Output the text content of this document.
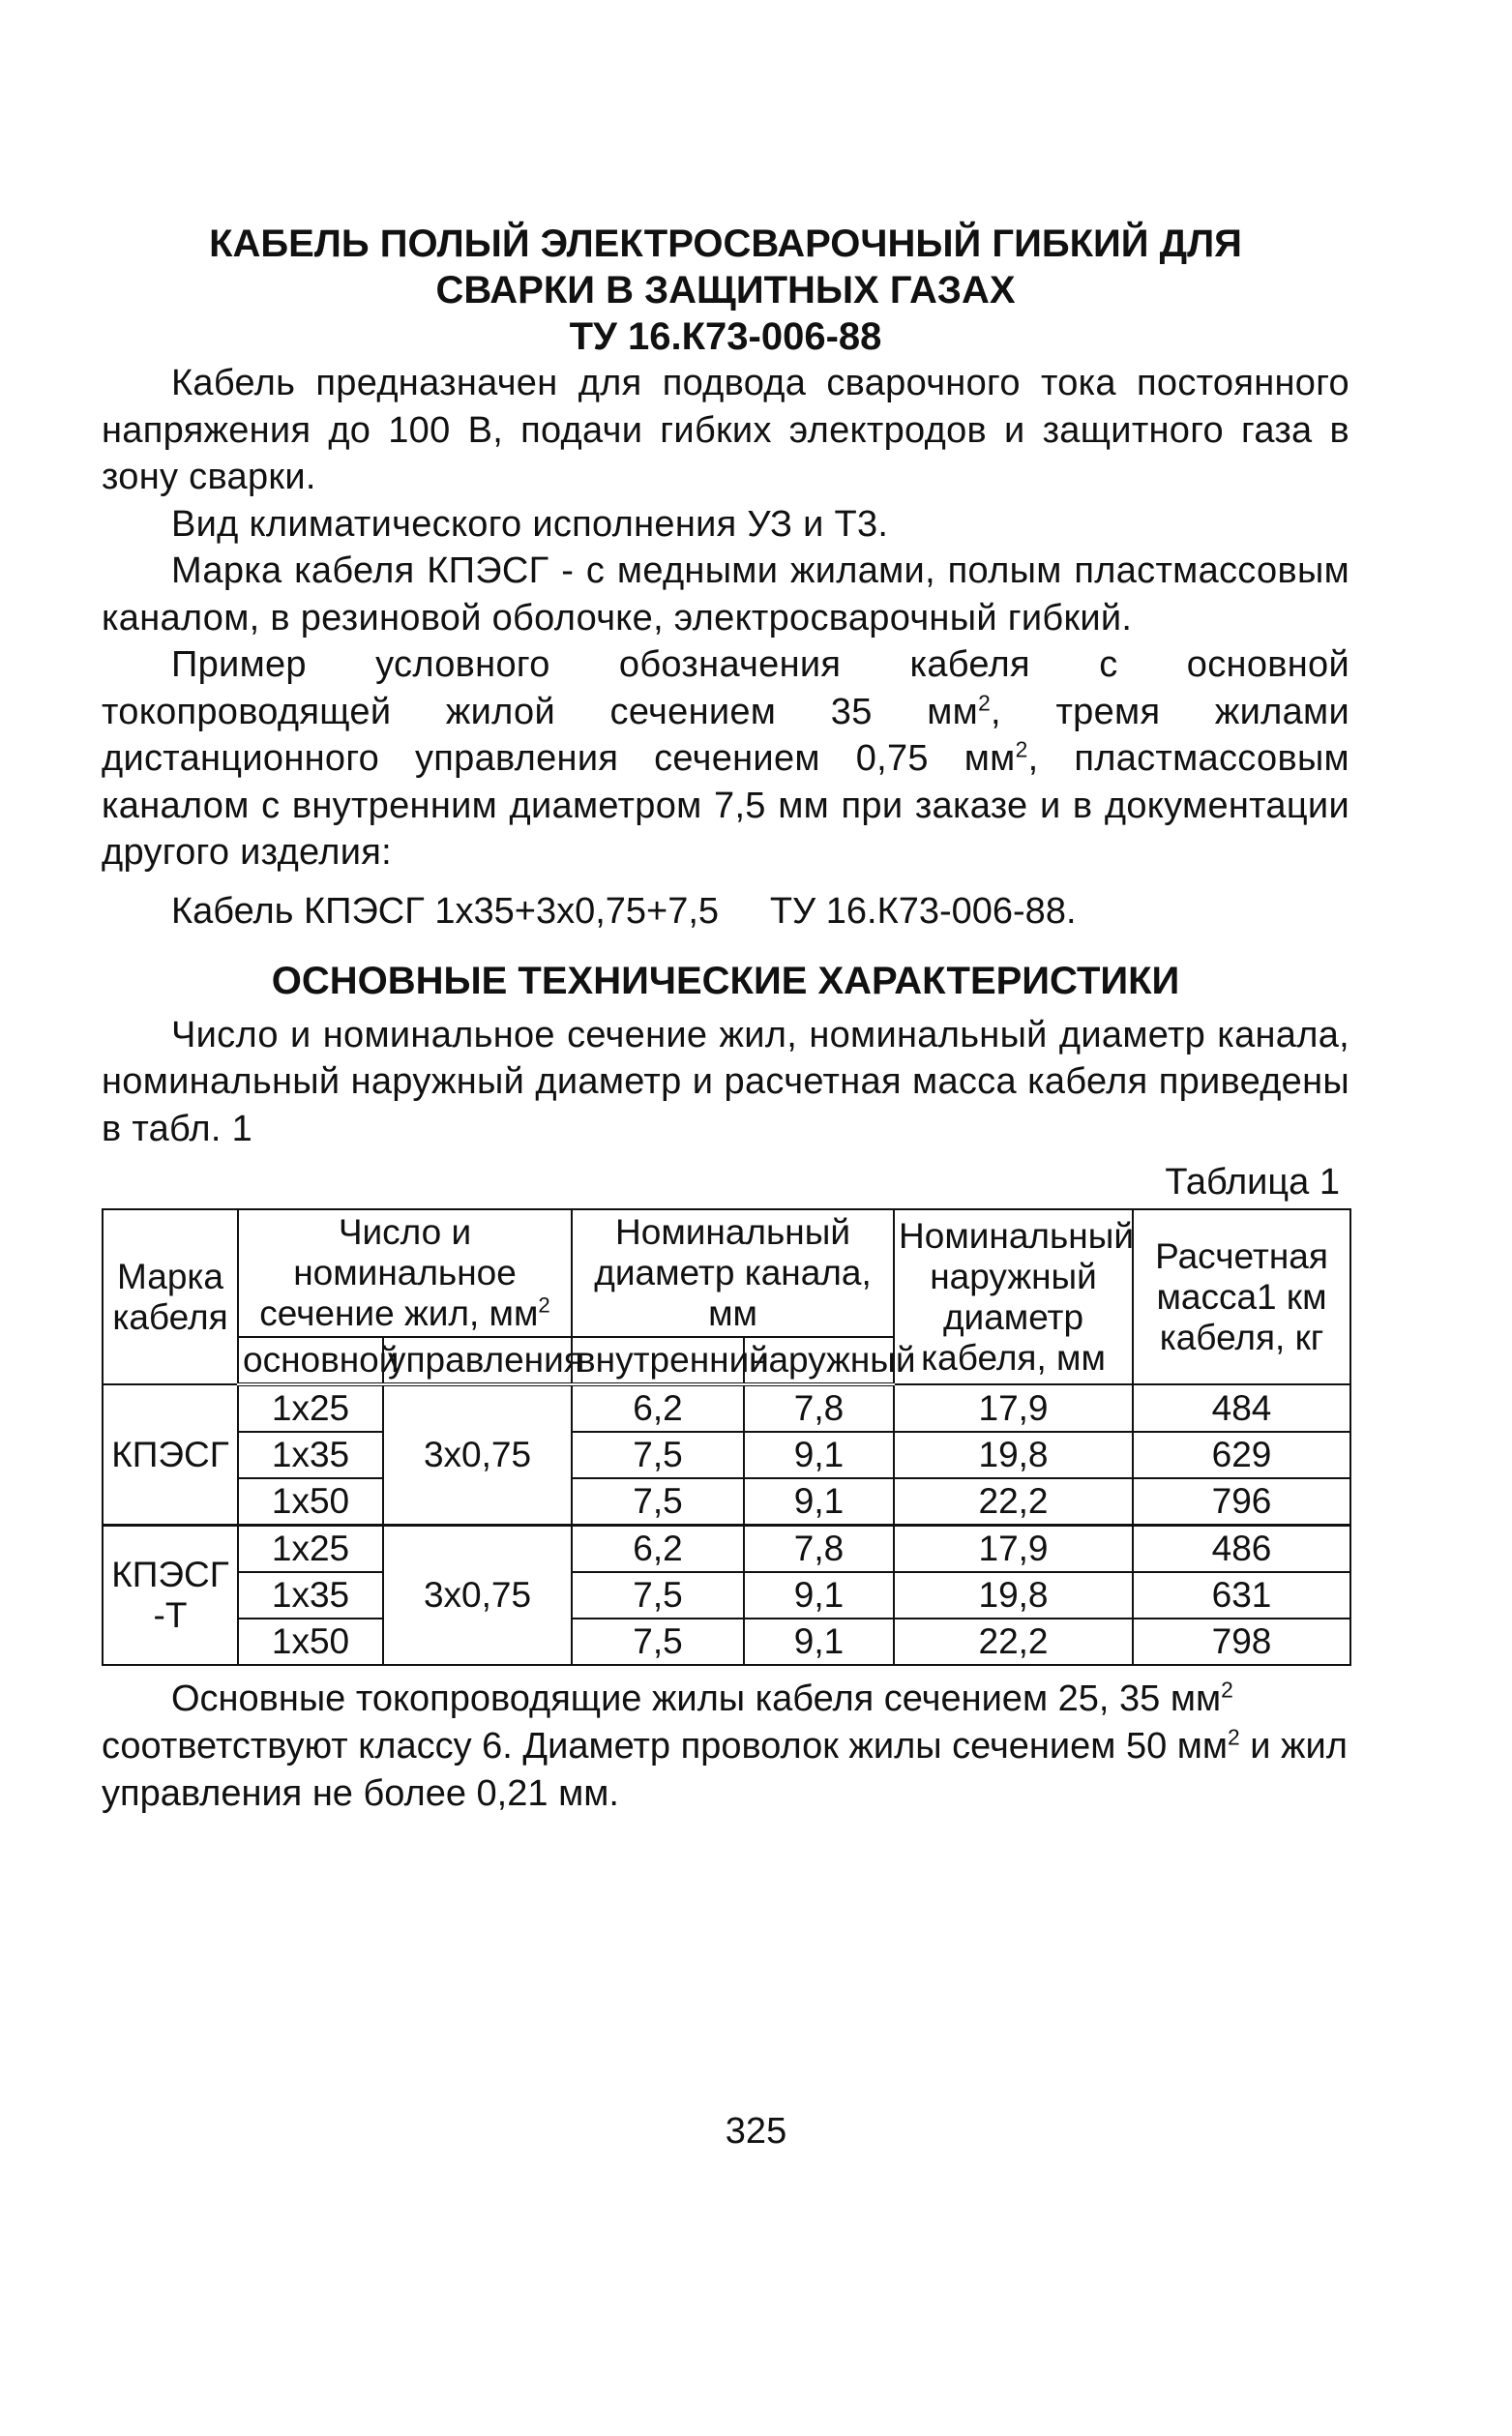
КАБЕЛЬ ПОЛЫЙ ЭЛЕКТРОСВАРОЧНЫЙ ГИБКИЙ ДЛЯ
СВАРКИ В ЗАЩИТНЫХ ГАЗАХ
ТУ 16.К73-006-88

Кабель предназначен для подвода сварочного тока постоянного напряжения до 100 В, подачи гибких электродов и защитного газа в зону сварки.

Вид климатического исполнения УЗ и Т3.

Марка кабеля КПЭСГ - с медными жилами, полым пластмассовым каналом, в резиновой оболочке, электросварочный гибкий.

Пример условного обозначения кабеля с основной токопроводящей жилой сечением 35 $мм^2$, тремя жилами дистанционного управления сечением 0,75 $мм^2$, пластмассовым каналом с внутренним диаметром 7,5 мм при заказе и в документации другого изделия:

Кабель КПЭСГ 1х35+3х0,75+7,5     ТУ 16.К73-006-88.

ОСНОВНЫЕ ТЕХНИЧЕСКИЕ ХАРАКТЕРИСТИКИ

Число и номинальное сечение жил, номинальный диаметр канала, номинальный наружный диаметр и расчетная масса кабеля приведены в табл. 1

Таблица 1
Марка кабеля	Число и номинальное сечение жил, $мм^2$		Номинальный диаметр канала, мм		Номинальный наружный диаметр кабеля, мм	Расчетная масса1 км кабеля, кг
	основной	управления	внутренний	наружный		
КПЭСГ	1х25	3х0,75	6,2	7,8	17,9	484
	1х35		7,5	9,1	19,8	629
	1х50		7,5	9,1	22,2	796
КПЭСГ -Т	1х25	3х0,75	6,2	7,8	17,9	486
	1х35		7,5	9,1	19,8	631
	1х50		7,5	9,1	22,2	798

Основные токопроводящие жилы кабеля сечением 25, 35 $мм^2$ соответствуют классу 6. Диаметр проволок жилы сечением 50 $мм^2$ и жил управления не более 0,21 мм.

325
